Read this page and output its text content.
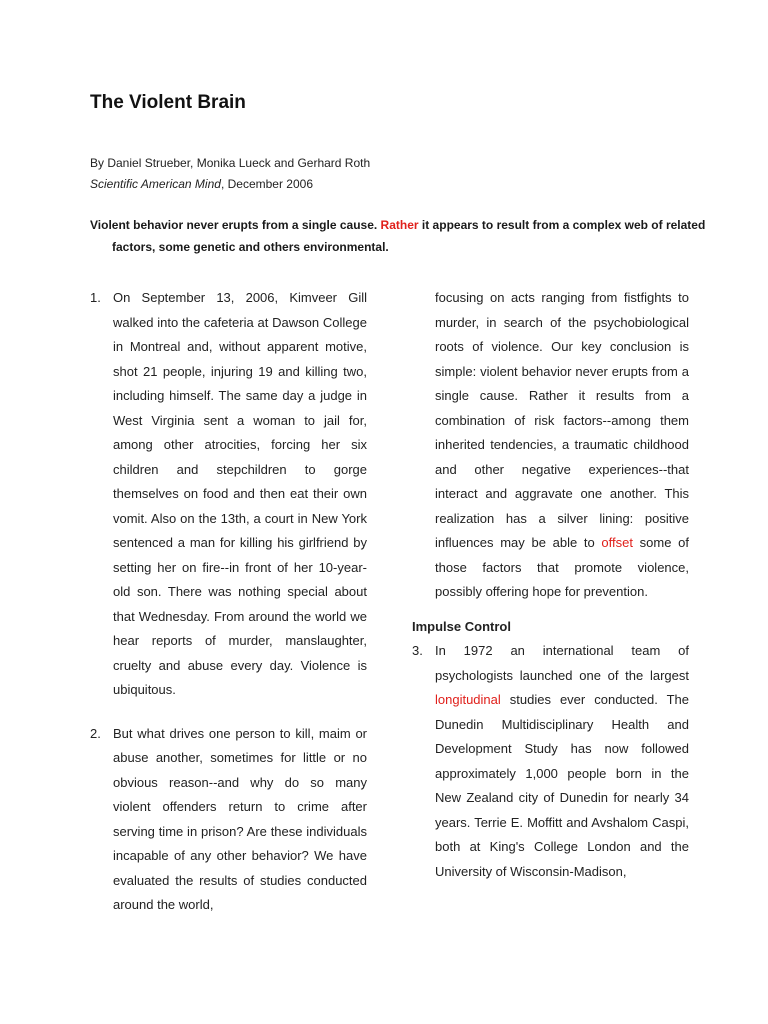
The Violent Brain
By Daniel Strueber, Monika Lueck and Gerhard Roth
Scientific American Mind, December 2006
Violent behavior never erupts from a single cause. Rather it appears to result from a complex web of related factors, some genetic and others environmental.
1. On September 13, 2006, Kimveer Gill walked into the cafeteria at Dawson College in Montreal and, without apparent motive, shot 21 people, injuring 19 and killing two, including himself. The same day a judge in West Virginia sent a woman to jail for, among other atrocities, forcing her six children and stepchildren to gorge themselves on food and then eat their own vomit. Also on the 13th, a court in New York sentenced a man for killing his girlfriend by setting her on fire--in front of her 10-year-old son. There was nothing special about that Wednesday. From around the world we hear reports of murder, manslaughter, cruelty and abuse every day. Violence is ubiquitous.

2. But what drives one person to kill, maim or abuse another, sometimes for little or no obvious reason--and why do so many violent offenders return to crime after serving time in prison? Are these individuals incapable of any other behavior? We have evaluated the results of studies conducted around the world,

focusing on acts ranging from fistfights to murder, in search of the psychobiological roots of violence. Our key conclusion is simple: violent behavior never erupts from a single cause. Rather it results from a combination of risk factors--among them inherited tendencies, a traumatic childhood and other negative experiences--that interact and aggravate one another. This realization has a silver lining: positive influences may be able to offset some of those factors that promote violence, possibly offering hope for prevention.

Impulse Control
3. In 1972 an international team of psychologists launched one of the largest longitudinal studies ever conducted. The Dunedin Multidisciplinary Health and Development Study has now followed approximately 1,000 people born in the New Zealand city of Dunedin for nearly 34 years. Terrie E. Moffitt and Avshalom Caspi, both at King's College London and the University of Wisconsin-Madison,
